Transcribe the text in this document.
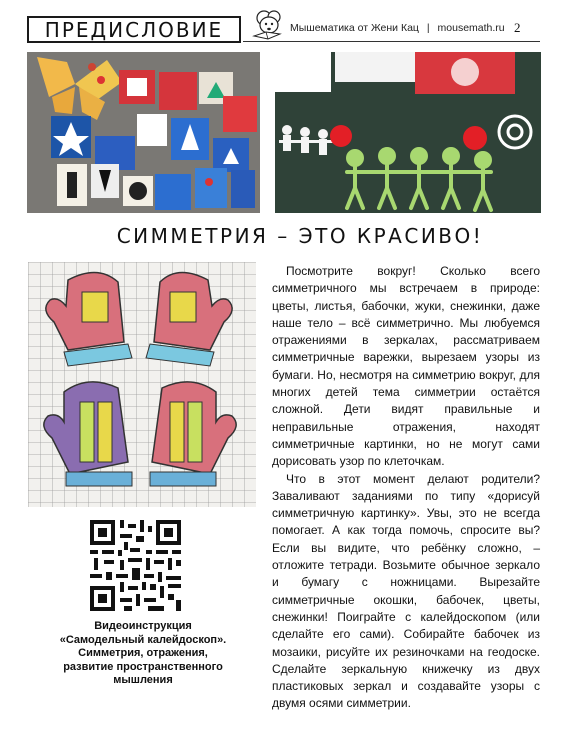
ПРЕДИСЛОВИЕ	Мышематика от Жени Кац | mousemath.ru 2
СИММЕТРИЯ – ЭТО КРАСИВО!
Видеоинструкция
«Самодельный калейдоскоп».
Симметрия, отражения,
развитие пространственного
мышления

Посмотрите вокруг! Сколько всего симметричного мы встречаем в природе: цветы, листья, бабочки, жуки, снежинки, даже наше тело – всё симметрично. Мы любуемся отражениями в зеркалах, рассматриваем симметричные варежки, вырезаем узоры из бумаги. Но, несмотря на симметрию вокруг, для многих детей тема симметрии остаётся сложной. Дети видят правильные и неправильные отражения, находят симметричные картинки, но не могут сами дорисовать узор по клеточкам.

Что в этот момент делают родители? Заваливают заданиями по типу «дорисуй симметричную картинку». Увы, это не всегда помогает. А как тогда помочь, спросите вы? Если вы видите, что ребёнку сложно, – отложите тетради. Возьмите обычное зеркало и бумагу с ножницами. Вырезайте симметричные окошки, бабочек, цветы, снежинки! Поиграйте с калейдоскопом (или сделайте его сами). Собирайте бабочек из мозаики, рисуйте их резиночками на геодоске. Сделайте зеркальную книжечку из двух пластиковых зеркал и создавайте узоры с двумя осями симметрии.
